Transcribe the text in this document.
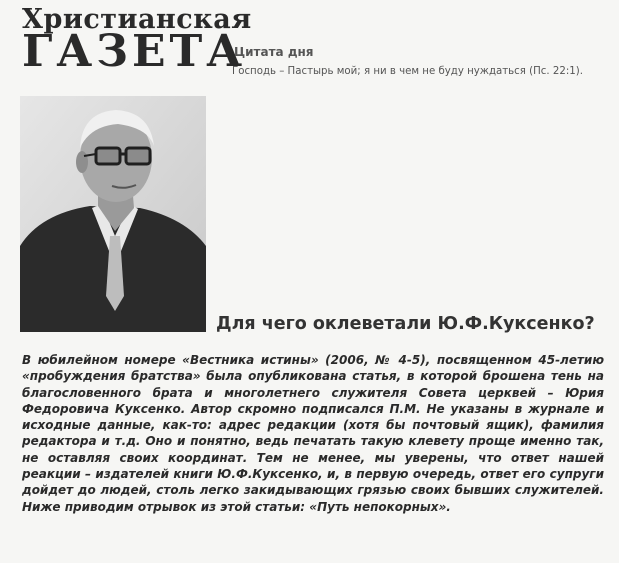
Христианская
ГАЗЕТА
Цитата дня
Господь – Пастырь мой; я ни в чем не буду нуждаться (Пс. 22:1).
Для чего оклеветали Ю.Ф.Куксенко?

В юбилейном номере «Вестника истины» (2006, № 4-5), посвященном 45-летию «пробуждения братства» была опубликована статья, в которой брошена тень на благословенного брата и многолетнего служителя Совета церквей – Юрия Федоровича Куксенко. Автор скромно подписался П.М. Не указаны в журнале и исходные данные, как-то: адрес редакции (хотя бы почтовый ящик), фамилия редактора и т.д. Оно и понятно, ведь печатать такую клевету проще именно так, не оставляя своих координат. Тем не менее, мы уверены, что ответ нашей реакции – издателей книги Ю.Ф.Куксенко, и, в первую очередь, ответ его супруги дойдет до людей, столь легко закидывающих грязью своих бывших служителей. Ниже приводим отрывок из этой статьи: «Путь непокорных».
